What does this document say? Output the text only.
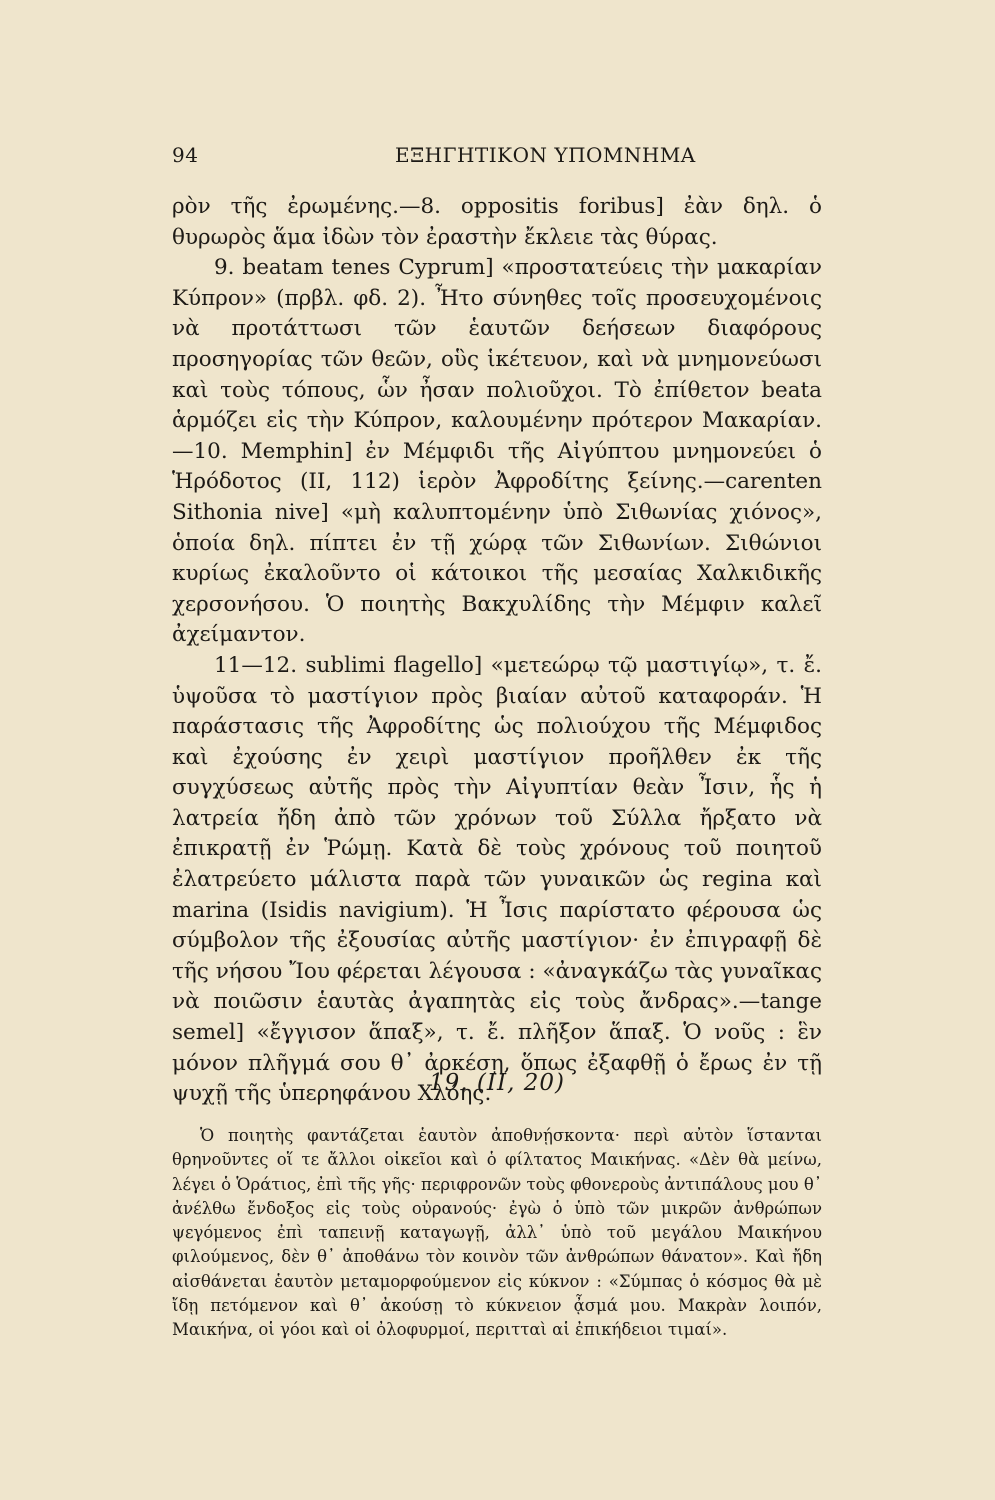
94	ΕΞΗΓΗΤΙΚΟΝ ΥΠΟΜΝΗΜΑ

ρὸν τῆς ἐρωμένης.—8. oppositis foribus] ἐὰν δηλ. ὁ θυρωρὸς ἅμα ἰδὼν τὸν ἐραστὴν ἔκλειε τὰς θύρας.

9. beatam tenes Cyprum] «προστατεύεις τὴν μακαρίαν Κύπρον» (πρβλ. φδ. 2). Ἦτο σύνηθες τοῖς προσευχομένοις νὰ προτάττωσι τῶν ἑαυτῶν δεήσεων διαφόρους προσηγορίας τῶν θεῶν, οὓς ἱκέτευον, καὶ νὰ μνημονεύωσι καὶ τοὺς τόπους, ὧν ἦσαν πολιοῦχοι. Τὸ ἐπίθετον beata ἁρμόζει εἰς τὴν Κύπρον, καλουμένην πρότερον Μακαρίαν.—10. Memphin] ἐν Μέμφιδι τῆς Αἰγύπτου μνημονεύει ὁ Ἡρόδοτος (II, 112) ἱερὸν Ἀφροδίτης ξείνης.—carenten Sithonia nive] «μὴ καλυπτομένην ὑπὸ Σιθωνίας χιόνος», ὁποία δηλ. πίπτει ἐν τῇ χώρᾳ τῶν Σιθωνίων. Σιθώνιοι κυρίως ἐκαλοῦντο οἱ κάτοικοι τῆς μεσαίας Χαλκιδικῆς χερσονήσου. Ὁ ποιητὴς Βακχυλίδης τὴν Μέμφιν καλεῖ ἀχείμαντον.

11—12. sublimi flagello] «μετεώρῳ τῷ μαστιγίῳ», τ. ἔ. ὑψοῦσα τὸ μαστίγιον πρὸς βιαίαν αὐτοῦ καταφοράν. Ἡ παράστασις τῆς Ἀφροδίτης ὡς πολιούχου τῆς Μέμφιδος καὶ ἐχούσης ἐν χειρὶ μαστίγιον προῆλθεν ἐκ τῆς συγχύσεως αὐτῆς πρὸς τὴν Αἰγυπτίαν θεὰν Ἶσιν, ἧς ἡ λατρεία ἤδη ἀπὸ τῶν χρόνων τοῦ Σύλλα ἤρξατο νὰ ἐπικρατῇ ἐν Ῥώμῃ. Κατὰ δὲ τοὺς χρόνους τοῦ ποιητοῦ ἐλατρεύετο μάλιστα παρὰ τῶν γυναικῶν ὡς regina καὶ marina (Isidis navigium). Ἡ Ἶσις παρίστατο φέρουσα ὡς σύμβολον τῆς ἐξουσίας αὐτῆς μαστίγιον· ἐν ἐπιγραφῇ δὲ τῆς νήσου Ἴου φέρεται λέγουσα : «ἀναγκάζω τὰς γυναῖκας νὰ ποιῶσιν ἑαυτὰς ἀγαπητὰς εἰς τοὺς ἄνδρας».—tange semel] «ἔγγισον ἅπαξ», τ. ἔ. πλῆξον ἅπαξ. Ὁ νοῦς : ἓν μόνον πλῆγμά σου θ᾽ ἀρκέσῃ, ὅπως ἐξαφθῇ ὁ ἔρως ἐν τῇ ψυχῇ τῆς ὑπερηφάνου Χλόης.

19. (II, 20)
Ὁ ποιητὴς φαντάζεται ἑαυτὸν ἀποθνῄσκοντα· περὶ αὐτὸν ἵστανται θρηνοῦντες οἵ τε ἄλλοι οἰκεῖοι καὶ ὁ φίλτατος Μαικήνας. «Δὲν θὰ μείνω, λέγει ὁ Ὁράτιος, ἐπὶ τῆς γῆς· περιφρονῶν τοὺς φθονεροὺς ἀντιπάλους μου θ᾽ ἀνέλθω ἔνδοξος εἰς τοὺς οὐρανούς· ἐγὼ ὁ ὑπὸ τῶν μικρῶν ἀνθρώπων ψεγόμενος ἐπὶ ταπεινῇ καταγωγῇ, ἀλλ᾽ ὑπὸ τοῦ μεγάλου Μαικήνου φιλούμενος, δὲν θ᾽ ἀποθάνω τὸν κοινὸν τῶν ἀνθρώπων θάνατον». Καὶ ἤδη αἰσθάνεται ἑαυτὸν μεταμορφούμενον εἰς κύκνον : «Σύμπας ὁ κόσμος θὰ μὲ ἴδῃ πετόμενον καὶ θ᾽ ἀκούσῃ τὸ κύκνειον ᾆσμά μου. Μακρὰν λοιπόν, Μαικήνα, οἱ γόοι καὶ οἱ ὀλοφυρμοί, περιτταὶ αἱ ἐπικήδειοι τιμαί».
